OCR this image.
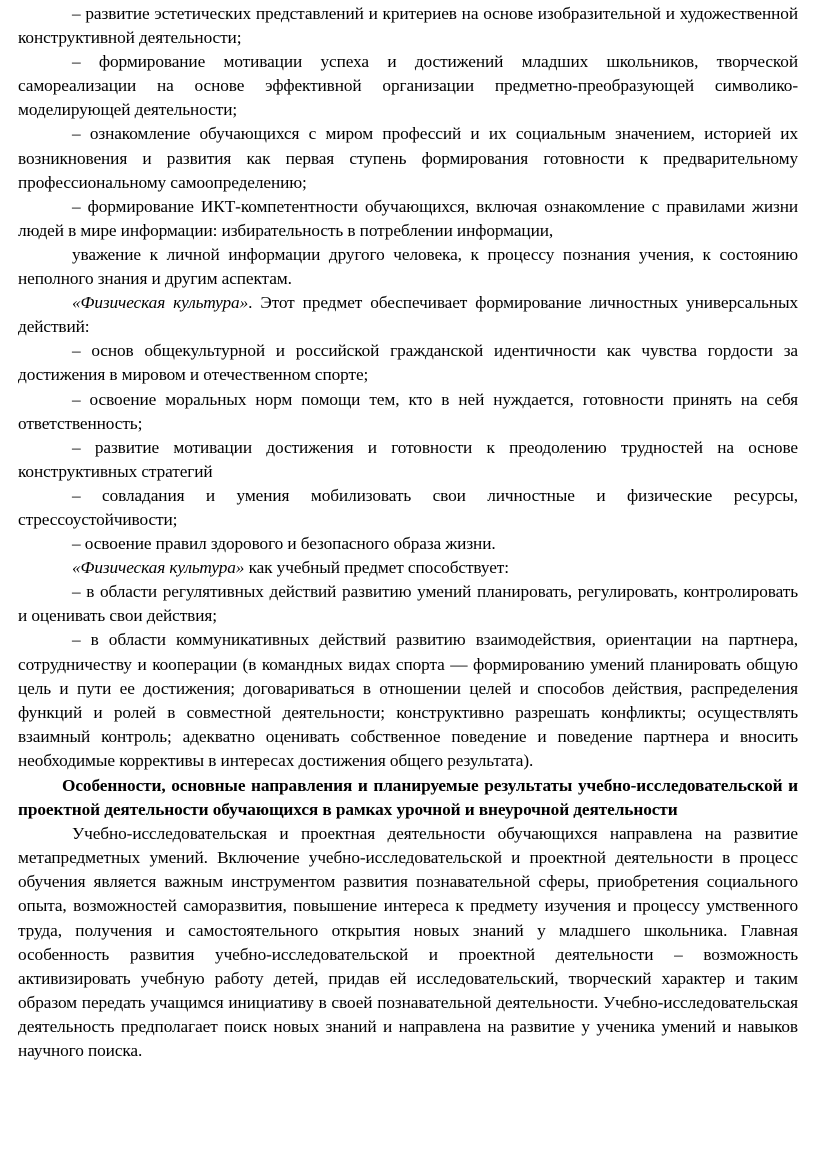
– развитие эстетических представлений и критериев на основе изобразительной и художественной конструктивной деятельности;

– формирование мотивации успеха и достижений младших школьников, творческой самореализации на основе эффективной организации предметно-преобразующей символико-моделирующей деятельности;

– ознакомление обучающихся с миром профессий и их социальным значением, историей их возникновения и развития как первая ступень формирования готовности к предварительному профессиональному самоопределению;

– формирование ИКТ-компетентности обучающихся, включая ознакомление с правилами жизни людей в мире информации: избирательность в потреблении информации,

уважение к личной информации другого человека, к процессу познания учения, к состоянию неполного знания и другим аспектам.

«Физическая культура». Этот предмет обеспечивает формирование личностных универсальных действий:

– основ общекультурной и российской гражданской идентичности как чувства гордости за достижения в мировом и отечественном спорте;

– освоение моральных норм помощи тем, кто в ней нуждается, готовности принять на себя ответственность;

– развитие мотивации достижения и готовности к преодолению трудностей на основе конструктивных стратегий

– совладания и умения мобилизовать свои личностные и физические ресурсы, стрессоустойчивости;

– освоение правил здорового и безопасного образа жизни.

«Физическая культура» как учебный предмет способствует:

– в области регулятивных действий развитию умений планировать, регулировать, контролировать и оценивать свои действия;

– в области коммуникативных действий развитию взаимодействия, ориентации на партнера, сотрудничеству и кооперации (в командных видах спорта — формированию умений планировать общую цель и пути ее достижения; договариваться в отношении целей и способов действия, распределения функций и ролей в совместной деятельности; конструктивно разрешать конфликты; осуществлять взаимный контроль; адекватно оценивать собственное поведение и поведение партнера и вносить необходимые коррективы в интересах достижения общего результата).

Особенности, основные направления и планируемые результаты учебно-исследовательской и проектной деятельности обучающихся в рамках урочной и внеурочной деятельности

Учебно-исследовательская и проектная деятельности обучающихся направлена на развитие метапредметных умений. Включение учебно-исследовательской и проектной деятельности в процесс обучения является важным инструментом развития познавательной сферы, приобретения социального опыта, возможностей саморазвития, повышение интереса к предмету изучения и процессу умственного труда, получения и самостоятельного открытия новых знаний у младшего школьника. Главная особенность развития учебно-исследовательской и проектной деятельности – возможность активизировать учебную работу детей, придав ей исследовательский, творческий характер и таким образом передать учащимся инициативу в своей познавательной деятельности. Учебно-исследовательская деятельность предполагает поиск новых знаний и направлена на развитие у ученика умений и навыков научного поиска.
